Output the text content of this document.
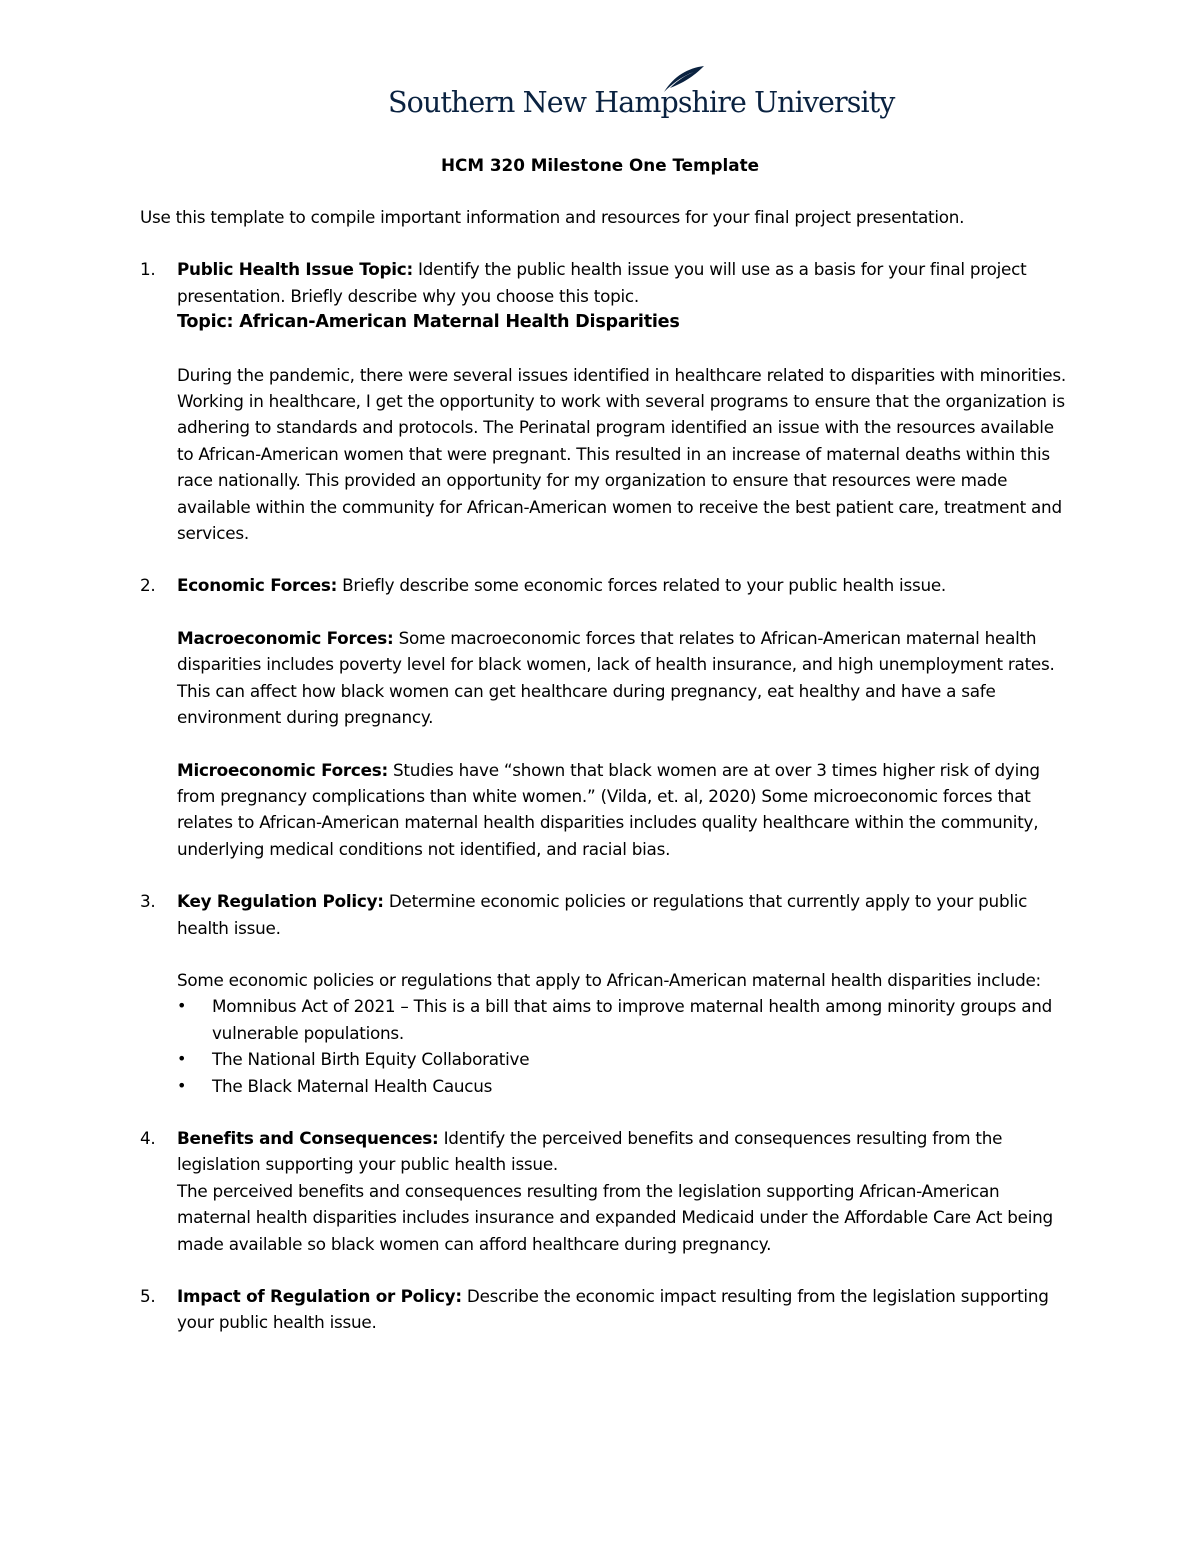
Southern New Hampshire University
HCM 320 Milestone One Template

Use this template to compile important information and resources for your final project presentation.

1. Public Health Issue Topic: Identify the public health issue you will use as a basis for your final project presentation. Briefly describe why you choose this topic.

Topic: African-American Maternal Health Disparities

During the pandemic, there were several issues identified in healthcare related to disparities with minorities. Working in healthcare, I get the opportunity to work with several programs to ensure that the organization is adhering to standards and protocols. The Perinatal program identified an issue with the resources available to African-American women that were pregnant. This resulted in an increase of maternal deaths within this race nationally. This provided an opportunity for my organization to ensure that resources were made available within the community for African-American women to receive the best patient care, treatment and services.

2. Economic Forces: Briefly describe some economic forces related to your public health issue.

Macroeconomic Forces: Some macroeconomic forces that relates to African-American maternal health disparities includes poverty level for black women, lack of health insurance, and high unemployment rates. This can affect how black women can get healthcare during pregnancy, eat healthy and have a safe environment during pregnancy.

Microeconomic Forces: Studies have “shown that black women are at over 3 times higher risk of dying from pregnancy complications than white women.” (Vilda, et. al, 2020) Some microeconomic forces that relates to African-American maternal health disparities includes quality healthcare within the community, underlying medical conditions not identified, and racial bias.

3. Key Regulation Policy: Determine economic policies or regulations that currently apply to your public health issue.

Some economic policies or regulations that apply to African-American maternal health disparities include:

• Momnibus Act of 2021 – This is a bill that aims to improve maternal health among minority groups and vulnerable populations.
• The National Birth Equity Collaborative
• The Black Maternal Health Caucus
4. Benefits and Consequences: Identify the perceived benefits and consequences resulting from the legislation supporting your public health issue.

The perceived benefits and consequences resulting from the legislation supporting African-American maternal health disparities includes insurance and expanded Medicaid under the Affordable Care Act being made available so black women can afford healthcare during pregnancy.

5. Impact of Regulation or Policy: Describe the economic impact resulting from the legislation supporting your public health issue.
